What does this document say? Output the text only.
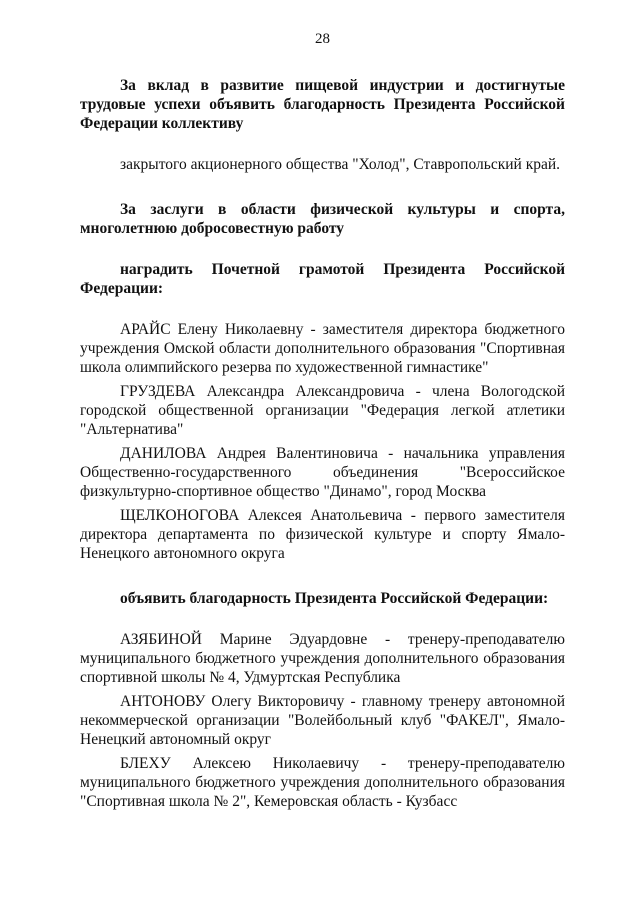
28

За вклад в развитие пищевой индустрии и достигнутые трудовые успехи объявить благодарность Президента Российской Федерации коллективу

закрытого акционерного общества "Холод", Ставропольский край.

За заслуги в области физической культуры и спорта, многолетнюю добросовестную работу

наградить Почетной грамотой Президента Российской Федерации:

АРАЙС Елену Николаевну - заместителя директора бюджетного учреждения Омской области дополнительного образования "Спортивная школа олимпийского резерва по художественной гимнастике"

ГРУЗДЕВА Александра Александровича - члена Вологодской городской общественной организации "Федерация легкой атлетики "Альтернатива"

ДАНИЛОВА Андрея Валентиновича - начальника управления Общественно-государственного объединения "Всероссийское физкультурно-спортивное общество "Динамо", город Москва

ЩЕЛКОНОГОВА Алексея Анатольевича - первого заместителя директора департамента по физической культуре и спорту Ямало-Ненецкого автономного округа

объявить благодарность Президента Российской Федерации:

АЗЯБИНОЙ Марине Эдуардовне - тренеру-преподавателю муниципального бюджетного учреждения дополнительного образования спортивной школы № 4, Удмуртская Республика

АНТОНОВУ Олегу Викторовичу - главному тренеру автономной некоммерческой организации "Волейбольный клуб "ФАКЕЛ", Ямало-Ненецкий автономный округ

БЛЕХУ Алексею Николаевичу - тренеру-преподавателю муниципального бюджетного учреждения дополнительного образования "Спортивная школа № 2", Кемеровская область - Кузбасс
